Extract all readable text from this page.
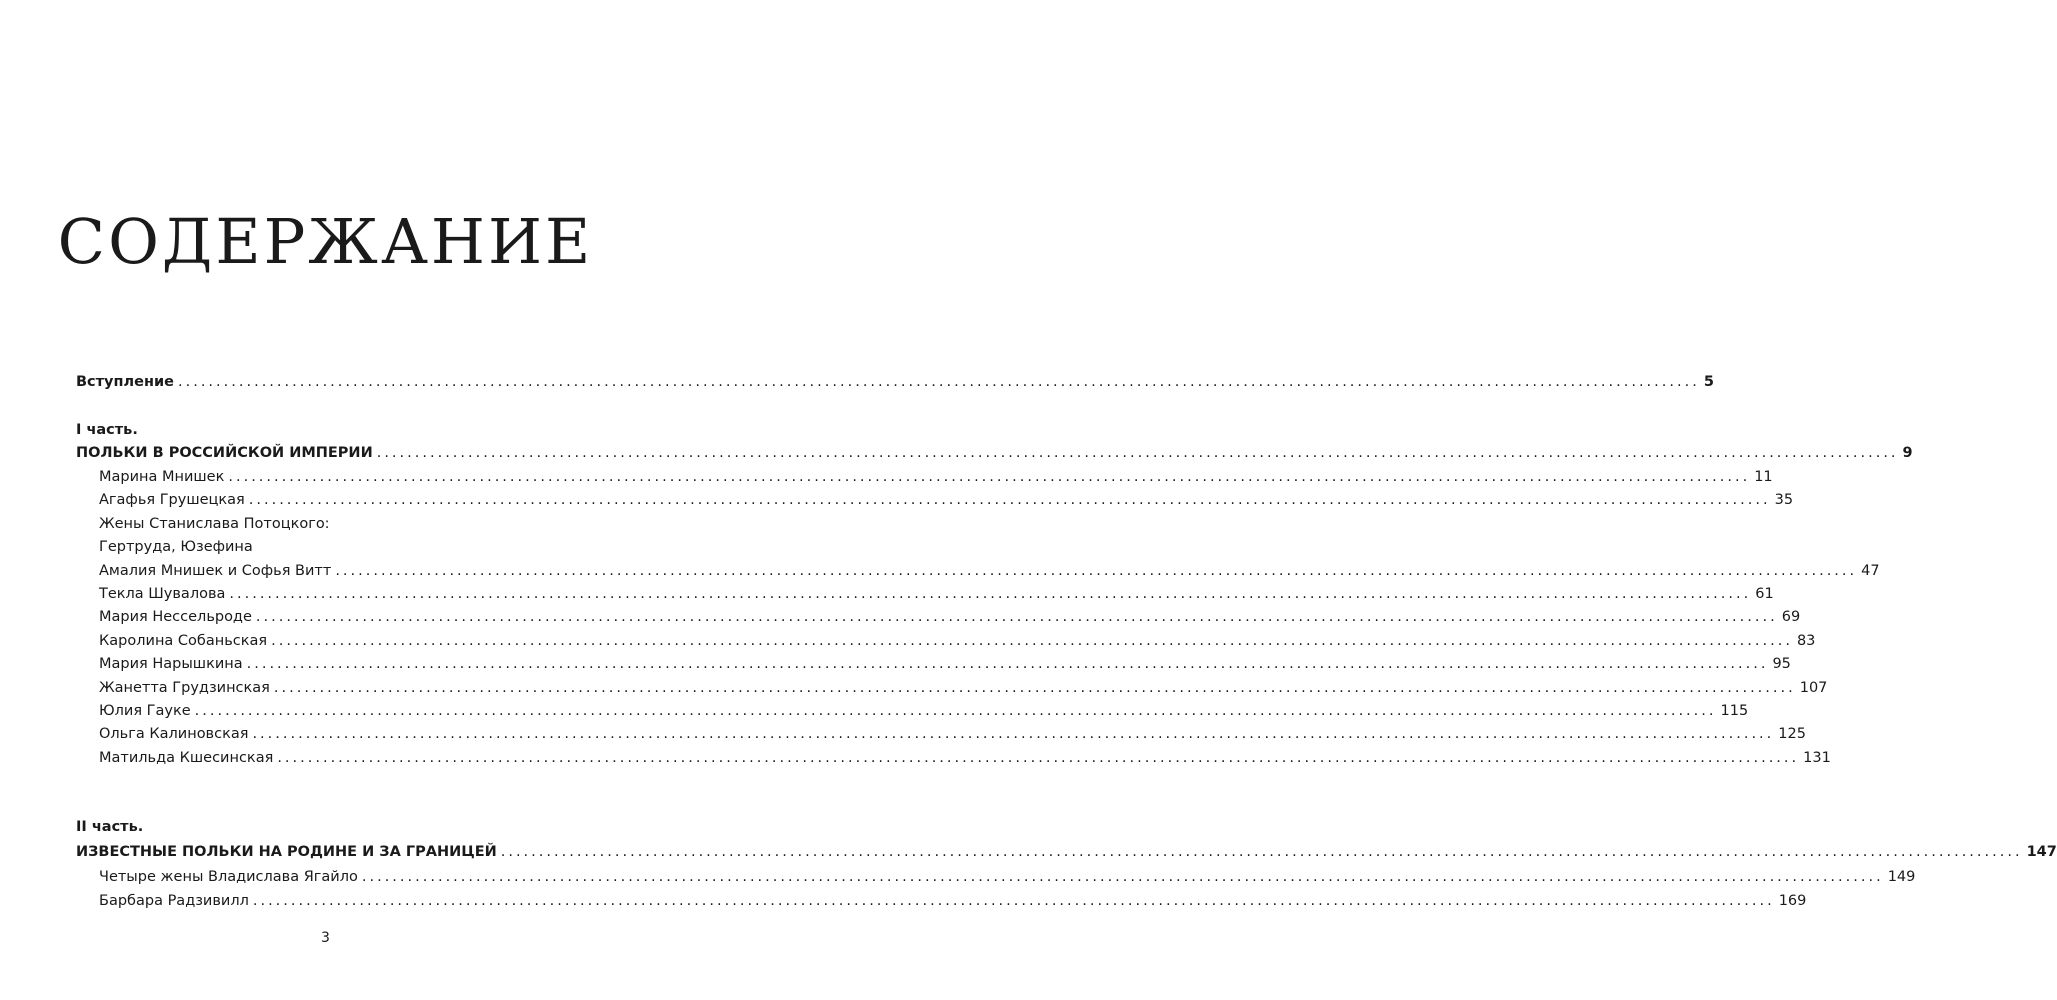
СОДЕРЖАНИЕ
Вступление ........................................................................................................................................................................................................ 5
I часть.
ПОЛЬКИ В РОССИЙСКОЙ ИМПЕРИИ ........................................................................................................................................................................................................ 9
Марина Мнишек ........................................................................................................................................................................................................ 11
Агафья Грушецкая ........................................................................................................................................................................................................ 35
Жены Станислава Потоцкого:
Гертруда, Юзефина
Амалия Мнишек и Софья Витт ........................................................................................................................................................................................................ 47
Текла Шувалова ........................................................................................................................................................................................................ 61
Мария Нессельроде ........................................................................................................................................................................................................ 69
Каролина Собаньская ........................................................................................................................................................................................................ 83
Мария Нарышкина ........................................................................................................................................................................................................ 95
Жанетта Грудзинская ........................................................................................................................................................................................................ 107
Юлия Гауке ........................................................................................................................................................................................................ 115
Ольга Калиновская ........................................................................................................................................................................................................ 125
Матильда Кшесинская ........................................................................................................................................................................................................ 131
II часть.
ИЗВЕСТНЫЕ ПОЛЬКИ НА РОДИНЕ И ЗА ГРАНИЦЕЙ ........................................................................................................................................................................................................ 147
Четыре жены Владислава Ягайло ........................................................................................................................................................................................................ 149
Барбара Радзивилл ........................................................................................................................................................................................................ 169
3
